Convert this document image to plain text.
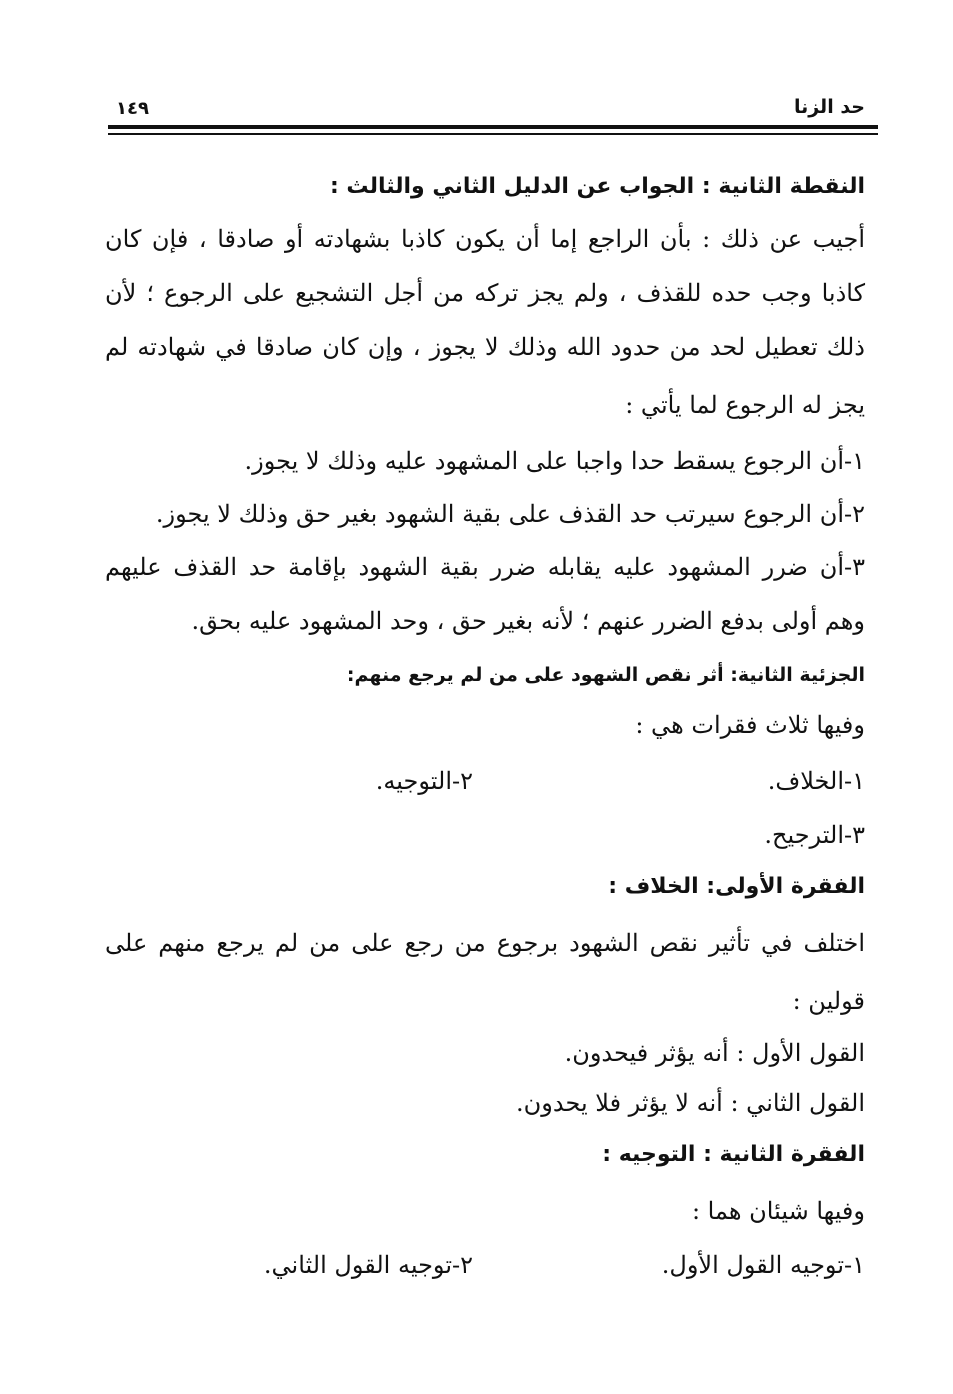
حد الزنا
١٤٩
النقطة الثانية : الجواب عن الدليل الثاني والثالث :
أجيب عن ذلك : بأن الراجع إما أن يكون كاذبا بشهادته أو صادقا ، فإن كان
كاذبا وجب حده للقذف ، ولم يجز تركه من أجل التشجيع على الرجوع ؛ لأن
ذلك تعطيل لحد من حدود الله وذلك لا يجوز ، وإن كان صادقا في شهادته لم
يجز له الرجوع لما يأتي :
١-أن الرجوع يسقط حدا واجبا على المشهود عليه وذلك لا يجوز.
٢-أن الرجوع سيرتب حد القذف على بقية الشهود بغير حق وذلك لا يجوز.
٣-أن ضرر المشهود عليه يقابله ضرر بقية الشهود بإقامة حد القذف عليهم
وهم أولى بدفع الضرر عنهم ؛ لأنه بغير حق ، وحد المشهود عليه بحق.
الجزئية الثانية: أثر نقص الشهود على من لم يرجع منهم:
وفيها ثلاث فقرات هي :
١-الخلاف.
٢-التوجيه.
٣-الترجيح.
الفقرة الأولى: الخلاف :
اختلف في تأثير نقص الشهود برجوع من رجع على من لم يرجع منهم على
قولين :
القول الأول : أنه يؤثر فيحدون.
القول الثاني : أنه لا يؤثر فلا يحدون.
الفقرة الثانية : التوجيه :
وفيها شيئان هما :
١-توجيه القول الأول.
٢-توجيه القول الثاني.
